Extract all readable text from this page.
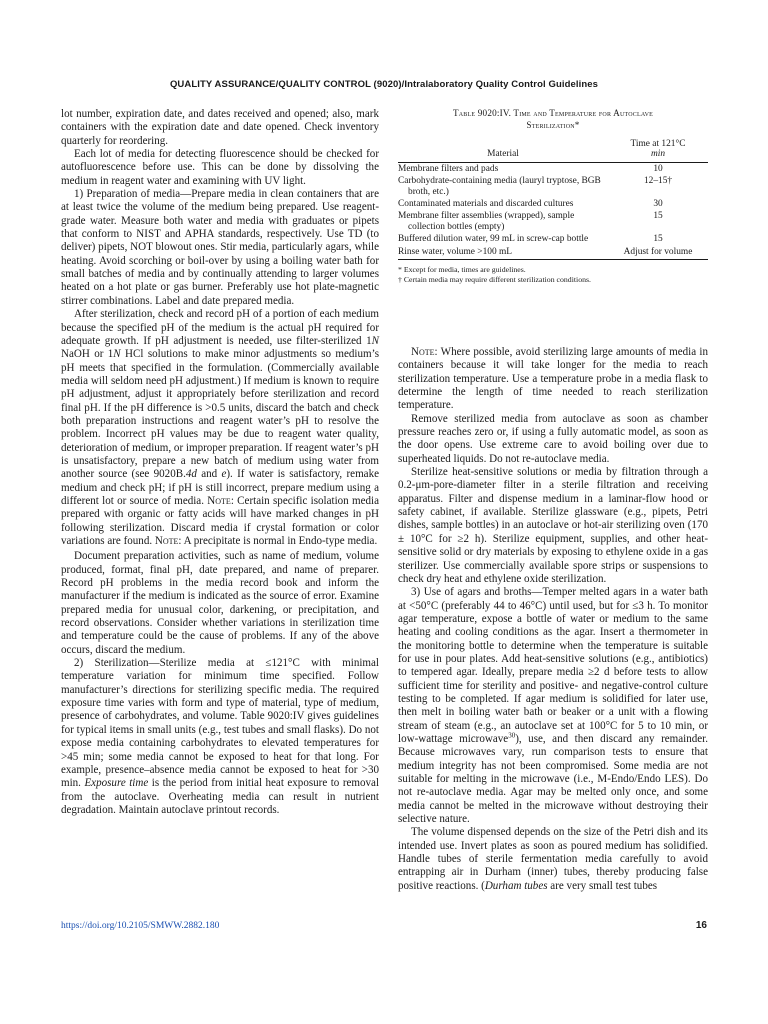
QUALITY ASSURANCE/QUALITY CONTROL (9020)/Intralaboratory Quality Control Guidelines

lot number, expiration date, and dates received and opened; also, mark containers with the expiration date and date opened. Check inventory quarterly for reordering.

Each lot of media for detecting fluorescence should be checked for autofluorescence before use. This can be done by dissolving the medium in reagent water and examining with UV light.

1) Preparation of media—Prepare media in clean containers that are at least twice the volume of the medium being prepared. Use reagent-grade water. Measure both water and media with graduates or pipets that conform to NIST and APHA standards, respectively. Use TD (to deliver) pipets, NOT blowout ones. Stir media, particularly agars, while heating. Avoid scorching or boil-over by using a boiling water bath for small batches of media and by continually attending to larger volumes heated on a hot plate or gas burner. Preferably use hot plate-magnetic stirrer combinations. Label and date prepared media.

After sterilization, check and record pH of a portion of each medium because the specified pH of the medium is the actual pH required for adequate growth. If pH adjustment is needed, use filter-sterilized 1N NaOH or 1N HCl solutions to make minor adjustments so medium’s pH meets that specified in the formulation. (Commercially available media will seldom need pH adjustment.) If medium is known to require pH adjustment, adjust it appropriately before sterilization and record final pH. If the pH difference is >0.5 units, discard the batch and check both preparation instructions and reagent water’s pH to resolve the problem. Incorrect pH values may be due to reagent water quality, deterioration of medium, or improper preparation. If reagent water’s pH is unsatisfactory, prepare a new batch of medium using water from another source (see 9020B.4d and e). If water is satisfactory, remake medium and check pH; if pH is still incorrect, prepare medium using a different lot or source of media. Note: Certain specific isolation media prepared with organic or fatty acids will have marked changes in pH following sterilization. Discard media if crystal formation or color variations are found. Note: A precipitate is normal in Endo-type media.

Document preparation activities, such as name of medium, volume produced, format, final pH, date prepared, and name of preparer. Record pH problems in the media record book and inform the manufacturer if the medium is indicated as the source of error. Examine prepared media for unusual color, darkening, or precipitation, and record observations. Consider whether variations in sterilization time and temperature could be the cause of problems. If any of the above occurs, discard the medium.

2) Sterilization—Sterilize media at ≤121°C with minimal temperature variation for minimum time specified. Follow manufacturer’s directions for sterilizing specific media. The required exposure time varies with form and type of material, type of medium, presence of carbohydrates, and volume. Table 9020:IV gives guidelines for typical items in small units (e.g., test tubes and small flasks). Do not expose media containing carbohydrates to elevated temperatures for >45 min; some media cannot be exposed to heat for that long. For example, presence–absence media cannot be exposed to heat for >30 min. Exposure time is the period from initial heat exposure to removal from the autoclave. Overheating media can result in nutrient degradation. Maintain autoclave printout records.

Table 9020:IV. Time and Temperature for Autoclave
Sterilization*
Material	Time at 121°C
min

Membrane filters and pads	10

Carbohydrate-containing media (lauryl tryptose, BGB broth, etc.)	12–15†

Contaminated materials and discarded cultures	30

Membrane filter assemblies (wrapped), sample collection bottles (empty)	15

Buffered dilution water, 99 mL in screw-cap bottle	15

Rinse water, volume >100 mL	Adjust for volume
* Except for media, times are guidelines.
† Certain media may require different sterilization conditions.

Note: Where possible, avoid sterilizing large amounts of media in containers because it will take longer for the media to reach sterilization temperature. Use a temperature probe in a media flask to determine the length of time needed to reach sterilization temperature.

Remove sterilized media from autoclave as soon as chamber pressure reaches zero or, if using a fully automatic model, as soon as the door opens. Use extreme care to avoid boiling over due to superheated liquids. Do not re-autoclave media.

Sterilize heat-sensitive solutions or media by filtration through a 0.2-μm-pore-diameter filter in a sterile filtration and receiving apparatus. Filter and dispense medium in a laminar-flow hood or safety cabinet, if available. Sterilize glassware (e.g., pipets, Petri dishes, sample bottles) in an autoclave or hot-air sterilizing oven (170 ± 10°C for ≥2 h). Sterilize equipment, supplies, and other heat-sensitive solid or dry materials by exposing to ethylene oxide in a gas sterilizer. Use commercially available spore strips or suspensions to check dry heat and ethylene oxide sterilization.

3) Use of agars and broths—Temper melted agars in a water bath at <50°C (preferably 44 to 46°C) until used, but for ≤3 h. To monitor agar temperature, expose a bottle of water or medium to the same heating and cooling conditions as the agar. Insert a thermometer in the monitoring bottle to determine when the temperature is suitable for use in pour plates. Add heat-sensitive solutions (e.g., antibiotics) to tempered agar. Ideally, prepare media ≥2 d before tests to allow sufficient time for sterility and positive- and negative-control culture testing to be completed. If agar medium is solidified for later use, then melt in boiling water bath or beaker or a unit with a flowing stream of steam (e.g., an autoclave set at 100°C for 5 to 10 min, or low-wattage microwave$^{30}$), use, and then discard any remainder. Because microwaves vary, run comparison tests to ensure that medium integrity has not been compromised. Some media are not suitable for melting in the microwave (i.e., M-Endo/Endo LES). Do not re-autoclave media. Agar may be melted only once, and some media cannot be melted in the microwave without destroying their selective nature.

The volume dispensed depends on the size of the Petri dish and its intended use. Invert plates as soon as poured medium has solidified. Handle tubes of sterile fermentation media carefully to avoid entrapping air in Durham (inner) tubes, thereby producing false positive reactions. (Durham tubes are very small test tubes

https://doi.org/10.2105/SMWW.2882.180	16
